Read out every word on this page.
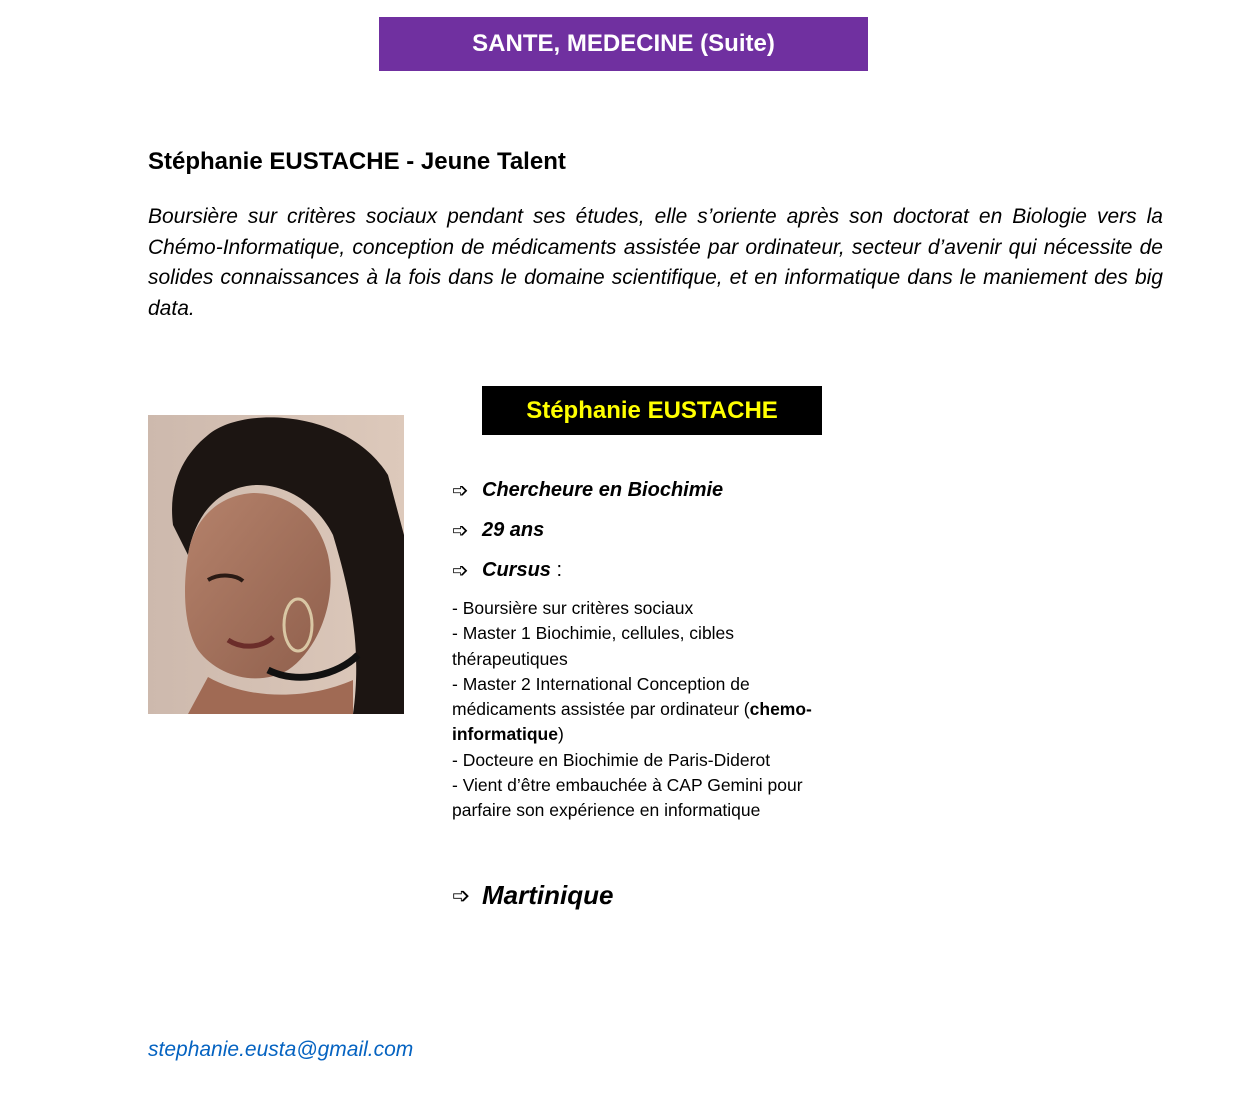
SANTE, MEDECINE (Suite)
Stéphanie EUSTACHE - Jeune Talent
Boursière sur critères sociaux pendant ses études, elle s’oriente après son doctorat en Biologie vers la Chémo-Informatique, conception de médicaments assistée par ordinateur, secteur d’avenir qui nécessite de solides connaissances à la fois dans le domaine scientifique, et en informatique dans le maniement des big data.
Stéphanie EUSTACHE
➩ Chercheure en Biochimie
➩ 29 ans
➩ Cursus :
- Boursière sur critères sociaux
- Master 1 Biochimie, cellules, cibles
thérapeutiques
- Master 2 International Conception de
médicaments assistée par ordinateur (chemo-
informatique)
- Docteure en Biochimie de Paris-Diderot
- Vient d’être embauchée à CAP Gemini pour
parfaire son expérience en informatique
➩ Martinique
stephanie.eusta@gmail.com
